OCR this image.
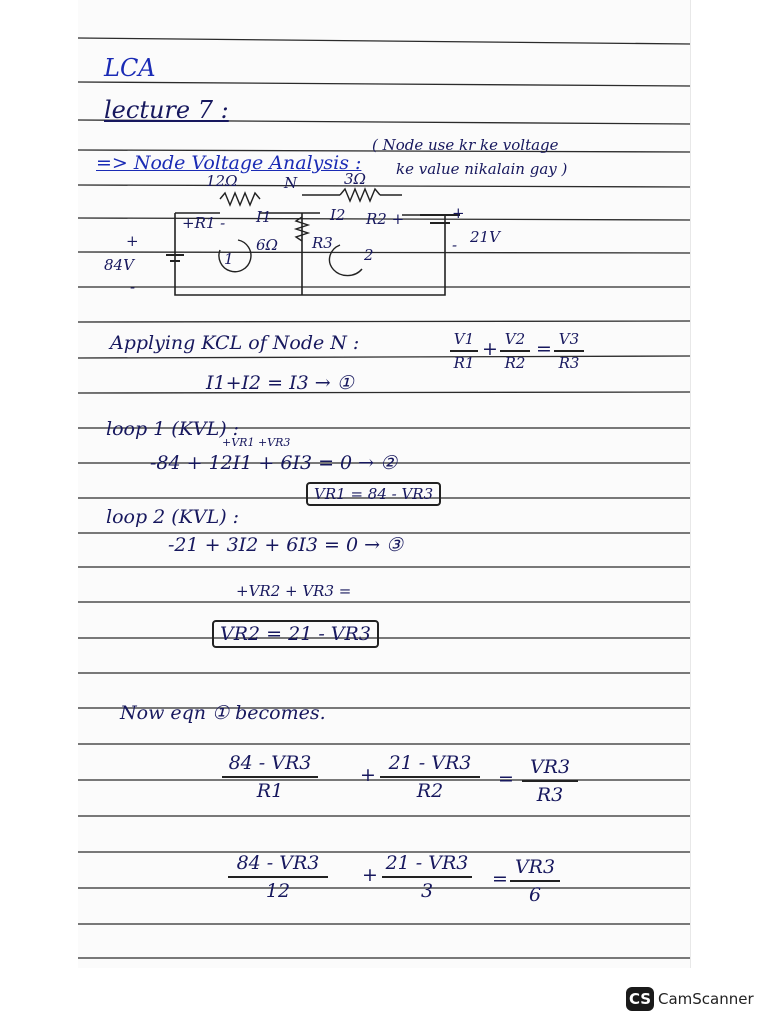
LCA
lecture 7 :
=> Node Voltage Analysis :
( Node use kr ke voltage
ke value nikalain gay )
12Ω	N	3Ω
+R1 - I1	I2 R2 +
6Ω R3
84V
21V
+
-
+
-
1	2
Applying KCL of Node N :
I1+I2 = I3 → ①
V1
R1
+ V2
R2
= V3
R3
loop 1 (KVL) :
+VR1 +VR3
-84 + 12I1 + 6I3 = 0 → ②
VR1 = 84 - VR3
loop 2 (KVL) :
-21 + 3I2 + 6I3 = 0 → ③
+VR2 + VR3 =
VR2 = 21 - VR3
Now eqn ① becomes.
84 - VR3
R1
+
21 - VR3
R2
=
VR3
R3
84 - VR3
12
+
21 - VR3
3
=
VR3
6
CS CamScanner
